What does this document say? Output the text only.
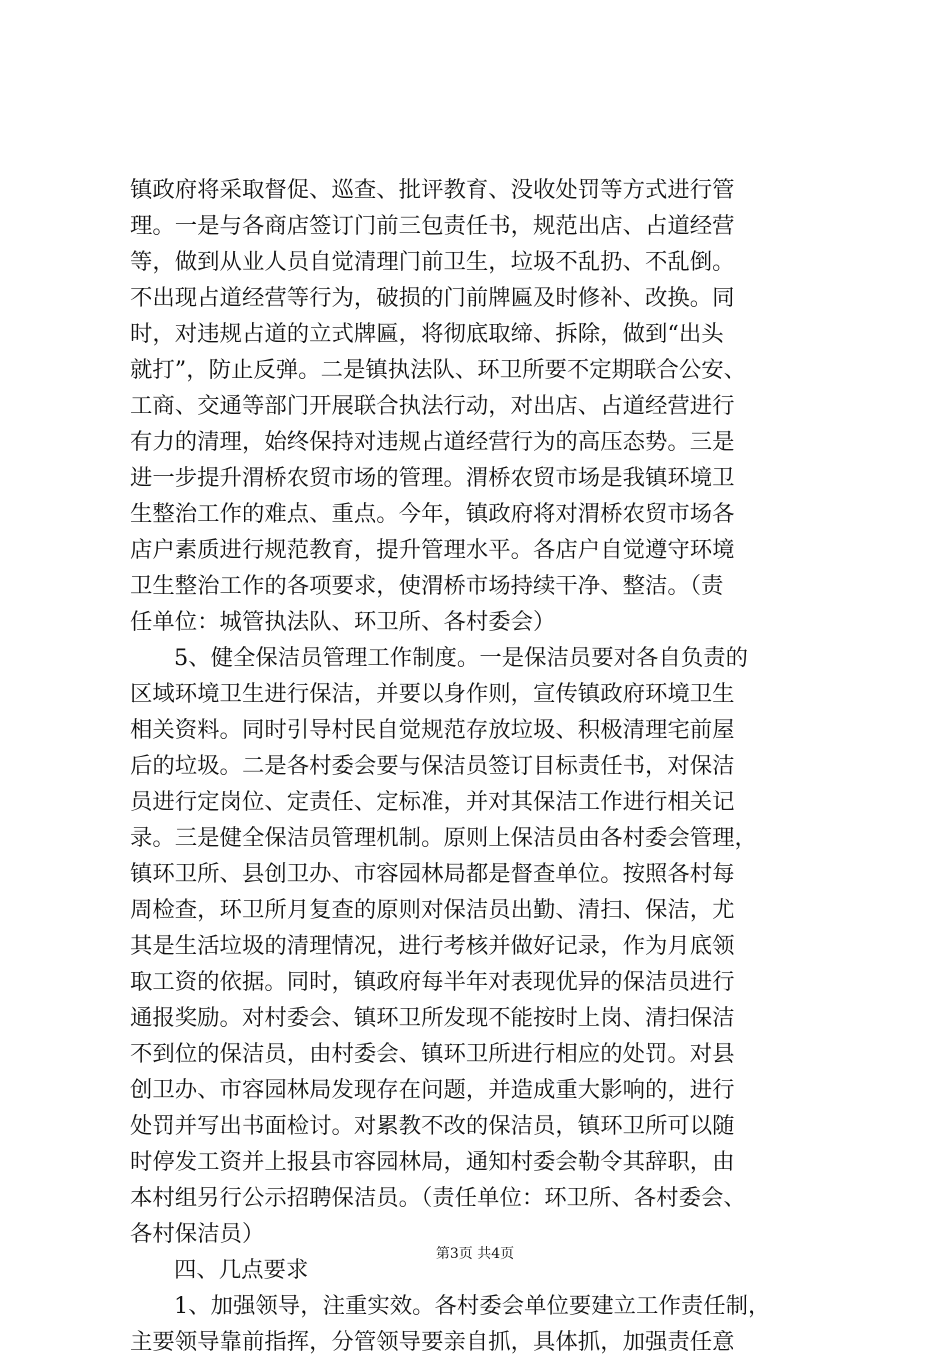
镇政府将采取督促、巡查、批评教育、没收处罚等方式进行管
理。一是与各商店签订门前三包责任书，规范出店、占道经营
等，做到从业人员自觉清理门前卫生，垃圾不乱扔、不乱倒。
不出现占道经营等行为，破损的门前牌匾及时修补、改换。同
时，对违规占道的立式牌匾，将彻底取缔、拆除，做到“出头
就打”，防止反弹。二是镇执法队、环卫所要不定期联合公安、
工商、交通等部门开展联合执法行动，对出店、占道经营进行
有力的清理，始终保持对违规占道经营行为的高压态势。三是
进一步提升渭桥农贸市场的管理。渭桥农贸市场是我镇环境卫
生整治工作的难点、重点。今年，镇政府将对渭桥农贸市场各
店户素质进行规范教育，提升管理水平。各店户自觉遵守环境
卫生整治工作的各项要求，使渭桥市场持续干净、整洁。（责
任单位：城管执法队、环卫所、各村委会）
5、健全保洁员管理工作制度。一是保洁员要对各自负责的
区域环境卫生进行保洁，并要以身作则，宣传镇政府环境卫生
相关资料。同时引导村民自觉规范存放垃圾、积极清理宅前屋
后的垃圾。二是各村委会要与保洁员签订目标责任书，对保洁
员进行定岗位、定责任、定标准，并对其保洁工作进行相关记
录。三是健全保洁员管理机制。原则上保洁员由各村委会管理，
镇环卫所、县创卫办、市容园林局都是督查单位。按照各村每
周检查，环卫所月复查的原则对保洁员出勤、清扫、保洁，尤
其是生活垃圾的清理情况，进行考核并做好记录，作为月底领
取工资的依据。同时，镇政府每半年对表现优异的保洁员进行
通报奖励。对村委会、镇环卫所发现不能按时上岗、清扫保洁
不到位的保洁员，由村委会、镇环卫所进行相应的处罚。对县
创卫办、市容园林局发现存在问题，并造成重大影响的，进行
处罚并写出书面检讨。对累教不改的保洁员，镇环卫所可以随
时停发工资并上报县市容园林局，通知村委会勒令其辞职，由
本村组另行公示招聘保洁员。（责任单位：环卫所、各村委会、
各村保洁员）
四、几点要求
1、加强领导，注重实效。各村委会单位要建立工作责任制，
主要领导靠前指挥，分管领导要亲自抓，具体抓，加强责任意
第3页 共4页
